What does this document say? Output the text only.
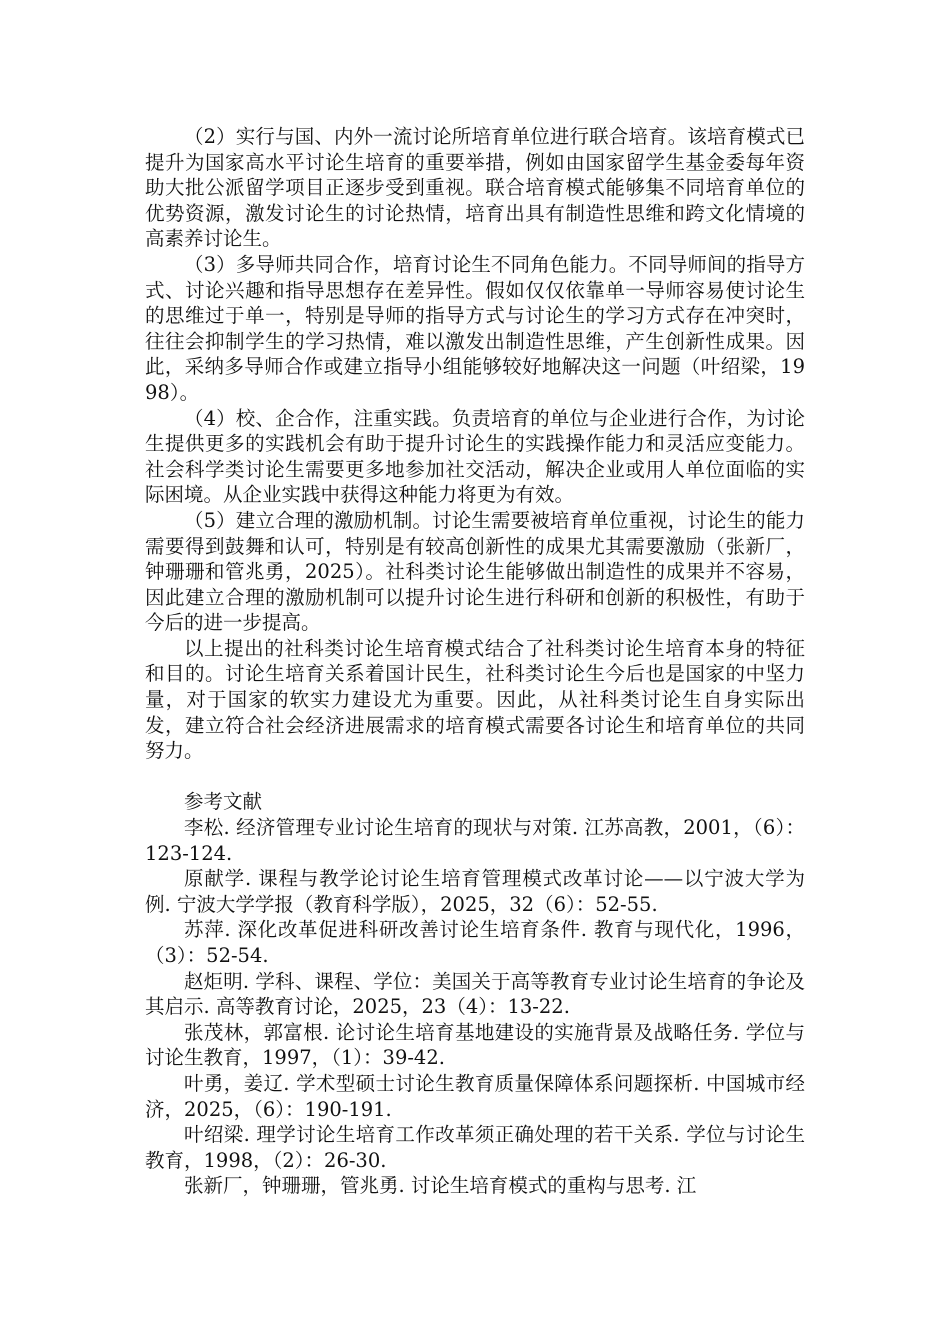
（2）实行与国、内外一流讨论所培育单位进行联合培育。该培育模式已提升为国家高水平讨论生培育的重要举措，例如由国家留学生基金委每年资助大批公派留学项目正逐步受到重视。联合培育模式能够集不同培育单位的优势资源，激发讨论生的讨论热情，培育出具有制造性思维和跨文化情境的高素养讨论生。

（3）多导师共同合作，培育讨论生不同角色能力。不同导师间的指导方式、讨论兴趣和指导思想存在差异性。假如仅仅依靠单一导师容易使讨论生的思维过于单一，特别是导师的指导方式与讨论生的学习方式存在冲突时，往往会抑制学生的学习热情，难以激发出制造性思维，产生创新性成果。因此，采纳多导师合作或建立指导小组能够较好地解决这一问题（叶绍梁，1998）。

（4）校、企合作，注重实践。负责培育的单位与企业进行合作，为讨论生提供更多的实践机会有助于提升讨论生的实践操作能力和灵活应变能力。社会科学类讨论生需要更多地参加社交活动，解决企业或用人单位面临的实际困境。从企业实践中获得这种能力将更为有效。

（5）建立合理的激励机制。讨论生需要被培育单位重视，讨论生的能力需要得到鼓舞和认可，特别是有较高创新性的成果尤其需要激励（张新厂，钟珊珊和管兆勇，2025）。社科类讨论生能够做出制造性的成果并不容易，因此建立合理的激励机制可以提升讨论生进行科研和创新的积极性，有助于今后的进一步提高。

以上提出的社科类讨论生培育模式结合了社科类讨论生培育本身的特征和目的。讨论生培育关系着国计民生，社科类讨论生今后也是国家的中坚力量，对于国家的软实力建设尤为重要。因此，从社科类讨论生自身实际出发，建立符合社会经济进展需求的培育模式需要各讨论生和培育单位的共同努力。

参考文献

李松. 经济管理专业讨论生培育的现状与对策. 江苏高教，2001，（6）：123-124.

原献学. 课程与教学论讨论生培育管理模式改革讨论——以宁波大学为例. 宁波大学学报（教育科学版），2025，32（6）：52-55.

苏萍. 深化改革促进科研改善讨论生培育条件. 教育与现代化，1996，（3）：52-54.

赵炬明. 学科、课程、学位：美国关于高等教育专业讨论生培育的争论及其启示. 高等教育讨论，2025，23（4）：13-22.

张茂林，郭富根. 论讨论生培育基地建设的实施背景及战略任务. 学位与讨论生教育，1997，（1）：39-42.

叶勇，姜辽. 学术型硕士讨论生教育质量保障体系问题探析. 中国城市经济，2025，（6）：190-191.

叶绍梁. 理学讨论生培育工作改革须正确处理的若干关系. 学位与讨论生教育，1998，（2）：26-30.

张新厂，钟珊珊，管兆勇. 讨论生培育模式的重构与思考. 江
